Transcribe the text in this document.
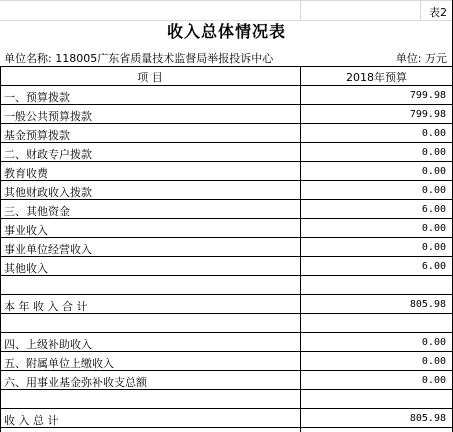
表2
收入总体情况表
单位名称: 118005广东省质量技术监督局举报投诉中心	单位: 万元
项 目	2018年预算
一、预算拨款	799.98
一般公共预算拨款	799.98
基金预算拨款	0.00
二、财政专户拨款	0.00
教育收费	0.00
其他财政收入拨款	0.00
三、其他资金	6.00
事业收入	0.00
事业单位经营收入	0.00
其他收入	6.00
本 年 收 入 合 计	805.98
四、上级补助收入	0.00
五、附属单位上缴收入	0.00
六、用事业基金弥补收支总额	0.00
收 入 总 计	805.98
